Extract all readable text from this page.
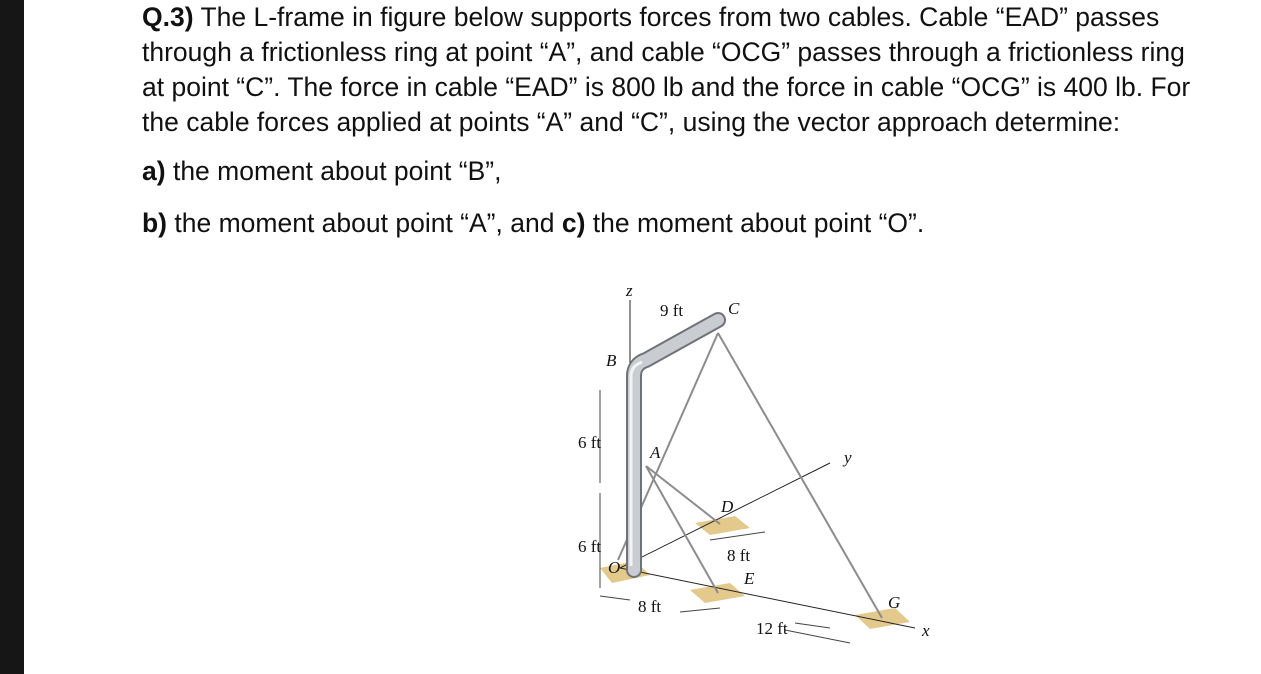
Q.3) The L-frame in figure below supports forces from two cables. Cable “EAD” passes through a frictionless ring at point “A”, and cable “OCG” passes through a frictionless ring at point “C”. The force in cable “EAD” is 800 lb and the force in cable “OCG” is 400 lb. For the cable forces applied at points “A” and “C”, using the vector approach determine:

a) the moment about point “B”,

b) the moment about point “A”, and c) the moment about point “O”.

z
y
x
B
C
A
D
E
O
G
9 ft
6 ft
6 ft	8 ft
8 ft
12 ft
